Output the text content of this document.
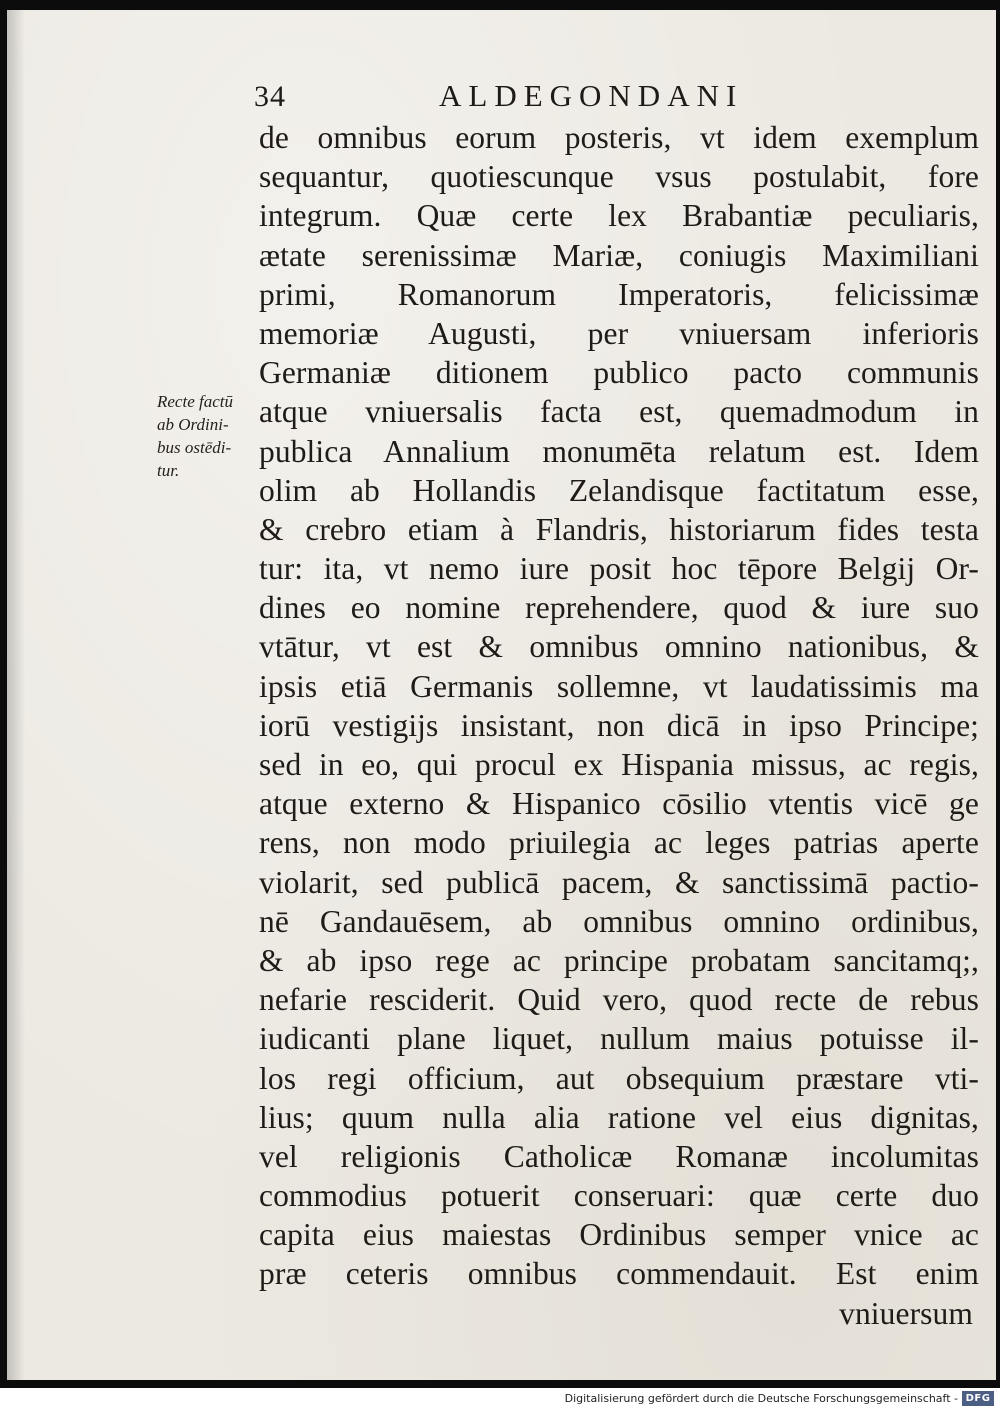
34	ALDEGONDANI
Recte factū
ab Ordini-
bus ostēdi-
tur.
de omnibus eorum posteris, vt idem exemplum
sequantur, quotiescunque vsus postulabit, fore
integrum. Quæ certe lex Brabantiæ peculiaris,
ætate serenissimæ Mariæ, coniugis Maximiliani
primi, Romanorum Imperatoris, felicissimæ
memoriæ Augusti, per vniuersam inferioris
Germaniæ ditionem publico pacto communis
atque vniuersalis facta est, quemadmodum in
publica Annalium monumēta relatum est. Idem
olim ab Hollandis Zelandisque factitatum esse,
& crebro etiam à Flandris, historiarum fides testa
tur: ita, vt nemo iure posit hoc tēpore Belgij Or-
dines eo nomine reprehendere, quod & iure suo
vtātur, vt est & omnibus omnino nationibus, &
ipsis etiā Germanis sollemne, vt laudatissimis ma
iorū vestigijs insistant, non dicā in ipso Principe;
sed in eo, qui procul ex Hispania missus, ac regis,
atque externo & Hispanico cōsilio vtentis vicē ge
rens, non modo priuilegia ac leges patrias aperte
violarit, sed publicā pacem, & sanctissimā pactio-
nē Gandauēsem, ab omnibus omnino ordinibus,
& ab ipso rege ac principe probatam sancitamq;,
nefarie resciderit. Quid vero, quod recte de rebus
iudicanti plane liquet, nullum maius potuisse il-
los regi officium, aut obsequium præstare vti-
lius; quum nulla alia ratione vel eius dignitas,
vel religionis Catholicæ Romanæ incolumitas
commodius potuerit conseruari: quæ certe duo
capita eius maiestas Ordinibus semper vnice ac
præ ceteris omnibus commendauit. Est enim
vniuersum
Digitalisierung gefördert durch die Deutsche Forschungsgemeinschaft - DFG
